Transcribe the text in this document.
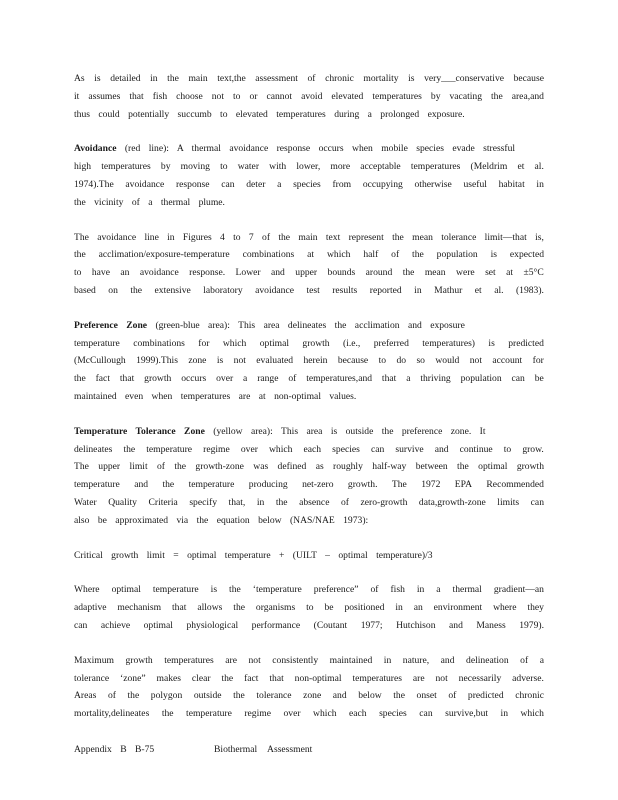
As is detailed in the main text,the assessment of chronic mortality is very___conservative because
it assumes that fish choose not to or cannot avoid elevated temperatures by vacating the area,and
thus could potentially succumb to elevated temperatures during a prolonged exposure.
Avoidance (red line): A thermal avoidance response occurs when mobile species evade stressful
high temperatures by moving to water with lower, more acceptable temperatures (Meldrim et al.
1974).The avoidance response can deter a species from occupying otherwise useful habitat in
the vicinity of a thermal plume.
The avoidance line in Figures 4 to 7 of the main text represent the mean tolerance limit—that is,
the acclimation/exposure-temperature combinations at which half of the population is expected
to have an avoidance response. Lower and upper bounds around the mean were set at ±5°C
based on the extensive laboratory avoidance test results reported in Mathur et al. (1983).
Preference Zone (green-blue area): This area delineates the acclimation and exposure
temperature combinations for which optimal growth (i.e., preferred temperatures) is predicted
(McCullough 1999).This zone is not evaluated herein because to do so would not account for
the fact that growth occurs over a range of temperatures,and that a thriving population can be
maintained even when temperatures are at non-optimal values.
Temperature Tolerance Zone (yellow area): This area is outside the preference zone. It
delineates the temperature regime over which each species can survive and continue to grow.
The upper limit of the growth-zone was defined as roughly half-way between the optimal growth
temperature and the temperature producing net-zero growth. The 1972 EPA Recommended
Water Quality Criteria specify that, in the absence of zero-growth data,growth-zone limits can
also be approximated via the equation below (NAS/NAE 1973):
Critical growth limit = optimal temperature + (UILT – optimal temperature)/3
Where optimal temperature is the ‘temperature preference” of fish in a thermal gradient—an
adaptive mechanism that allows the organisms to be positioned in an environment where they
can achieve optimal physiological performance (Coutant 1977; Hutchison and Maness 1979).
Maximum growth temperatures are not consistently maintained in nature, and delineation of a
tolerance ‘zone” makes clear the fact that non-optimal temperatures are not necessarily adverse.
Areas of the polygon outside the tolerance zone and below the onset of predicted chronic
mortality,delineates the temperature regime over which each species can survive,but in which
Appendix B B-75	Biothermal Assessment
